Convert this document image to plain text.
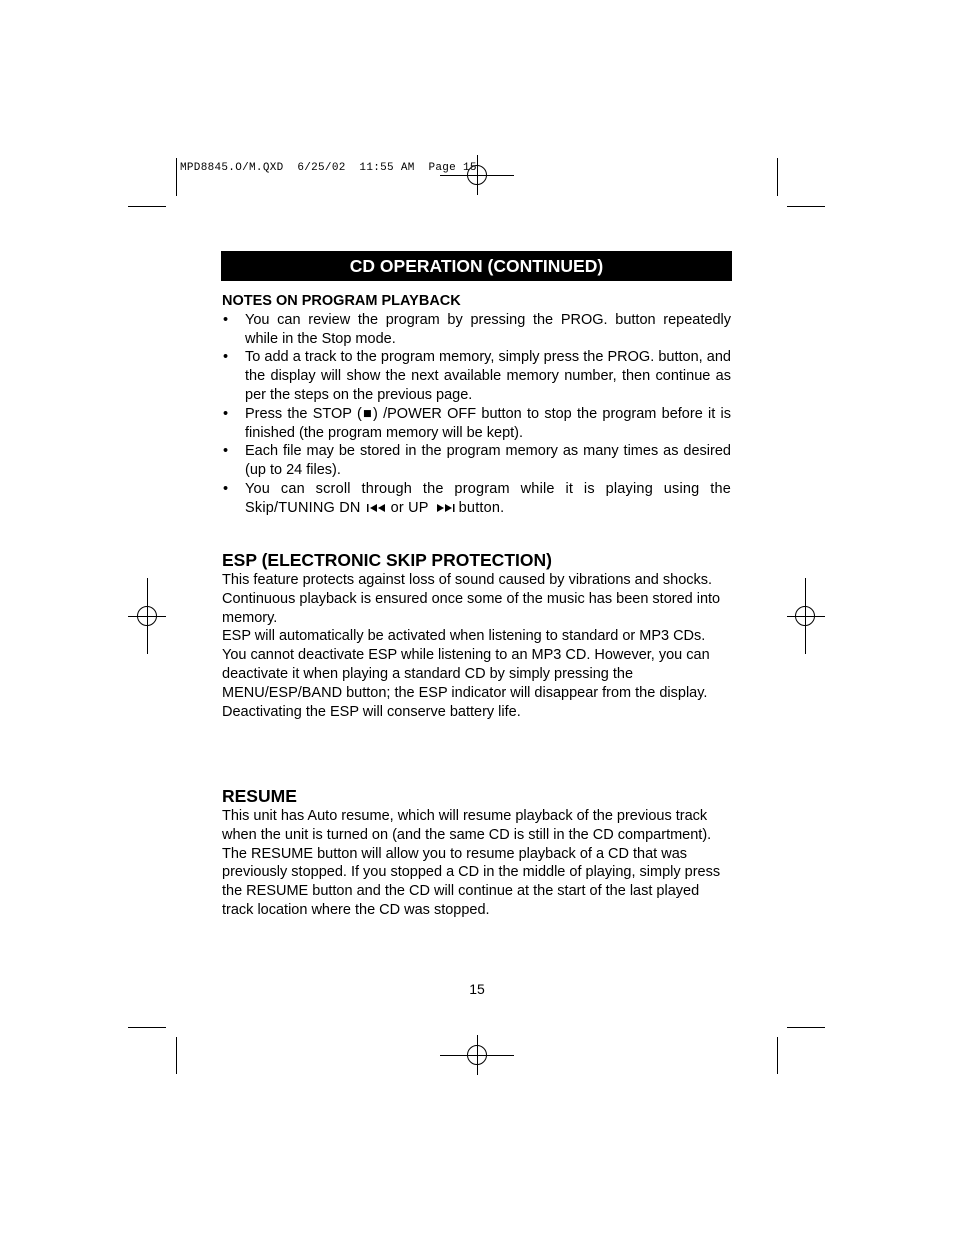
MPD8845.O/M.QXD  6/25/02  11:55 AM  Page 15
CD OPERATION (CONTINUED)
NOTES ON PROGRAM PLAYBACK
• You can review the program by pressing the PROG. button repeatedly while in the Stop mode.
• To add a track to the program memory, simply press the PROG. button, and the display will show the next available memory number, then continue as per the steps on the previous page.
• Press the STOP (■) /POWER OFF button to stop the program before it is finished (the program memory will be kept).
• Each file may be stored in the program memory as many times as desired (up to 24 files).
• You can scroll through the program while it is playing using the Skip/TUNING DN or UP button.
ESP (ELECTRONIC SKIP PROTECTION)

This feature protects against loss of sound caused by vibrations and shocks. Continuous playback is ensured once some of the music has been stored into memory.

ESP will automatically be activated when listening to standard or MP3 CDs. You cannot deactivate ESP while listening to an MP3 CD. However, you can deactivate it when playing a standard CD by simply pressing the MENU/ESP/BAND button; the ESP indicator will disappear from the display. Deactivating the ESP will conserve battery life.

RESUME

This unit has Auto resume, which will resume playback of the previous track when the unit is turned on (and the same CD is still in the CD compartment).

The RESUME button will allow you to resume playback of a CD that was previously stopped. If you stopped a CD in the middle of playing, simply press the RESUME button and the CD will continue at the start of the last played track location where the CD was stopped.

15
